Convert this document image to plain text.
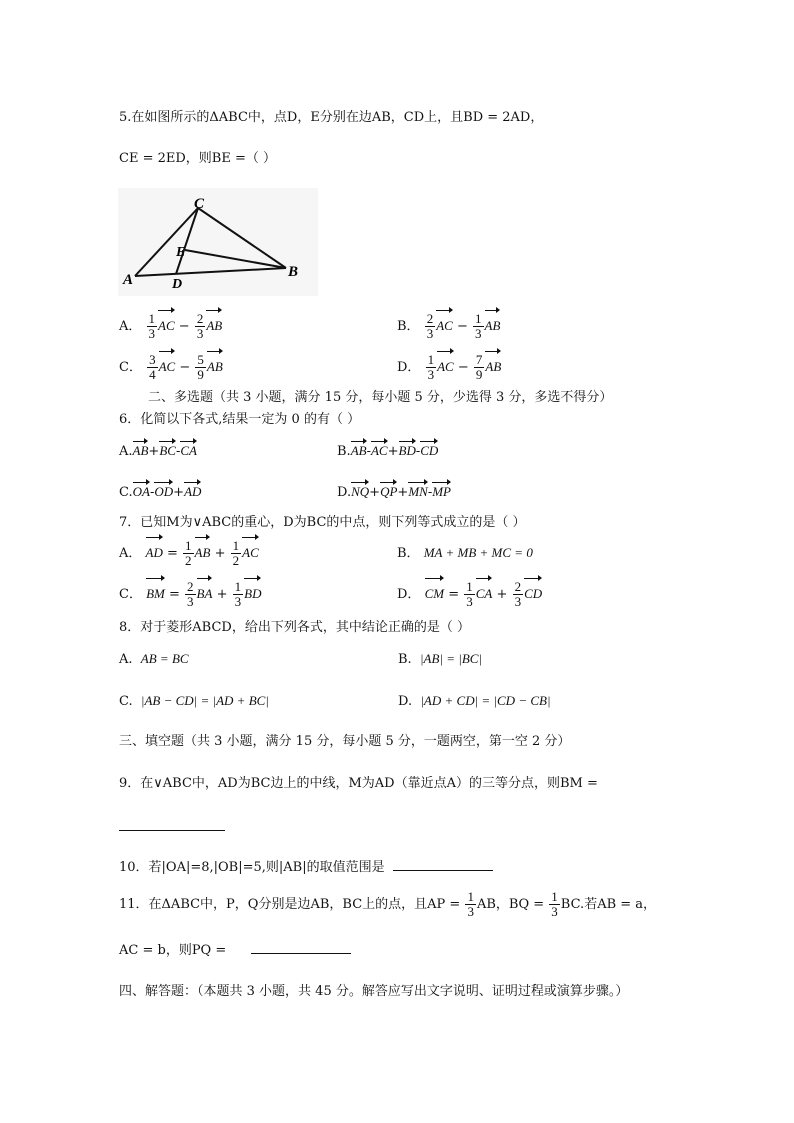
5.在如图所示的ΔABC中，点D，E分别在边AB，CD上，且BD = 2AD，
CE = 2ED，则BE =（ ）
C
E
A	D
B
A． $\frac{1}{3}$ AC − $\frac{2}{3}$ AB	B． $\frac{2}{3}$ AC − $\frac{1}{3}$ AB
C． $\frac{3}{4}$ AC − $\frac{5}{9}$ AB	D． $\frac{1}{3}$ AC − $\frac{7}{9}$ AB
二、多选题（共 3 小题，满分 15 分，每小题 5 分，少选得 3 分，多选不得分）
6．化简以下各式,结果一定为 0 的有（ ）
A.AB+BC-CA	B.AB-AC+BD-CD
C.OA-OD+AD	D.NQ+QP+MN-MP
7．已知M为∨ABC的重心，D为BC的中点，则下列等式成立的是（ ）
A． AD = $\frac{1}{2}$ AB + $\frac{1}{2}$ AC	B． MA + MB + MC = 0
C． BM = $\frac{2}{3}$ BA + $\frac{1}{3}$ BD	D． CM = $\frac{1}{3}$ CA + $\frac{2}{3}$ CD
8．对于菱形ABCD，给出下列各式，其中结论正确的是（ ）
A. AB = BC	B. |AB| = |BC|
C. |AB − CD| = |AD + BC|	D. |AD + CD| = |CD − CB|
三、填空题（共 3 小题，满分 15 分，每小题 5 分，一题两空，第一空 2 分）
9．在∨ABC中，AD为BC边上的中线，M为AD（靠近点A）的三等分点，则BM =
10．若|OA|=8,|OB|=5,则|AB|的取值范围是
11．在ΔABC中，P，Q分别是边AB，BC上的点，且AP = $\frac{1}{3}$ AB，BQ = $\frac{1}{3}$ BC.若AB = a，
AC = b，则PQ =
四、解答题：（本题共 3 小题，共 45 分。解答应写出文字说明、证明过程或演算步骤。）
